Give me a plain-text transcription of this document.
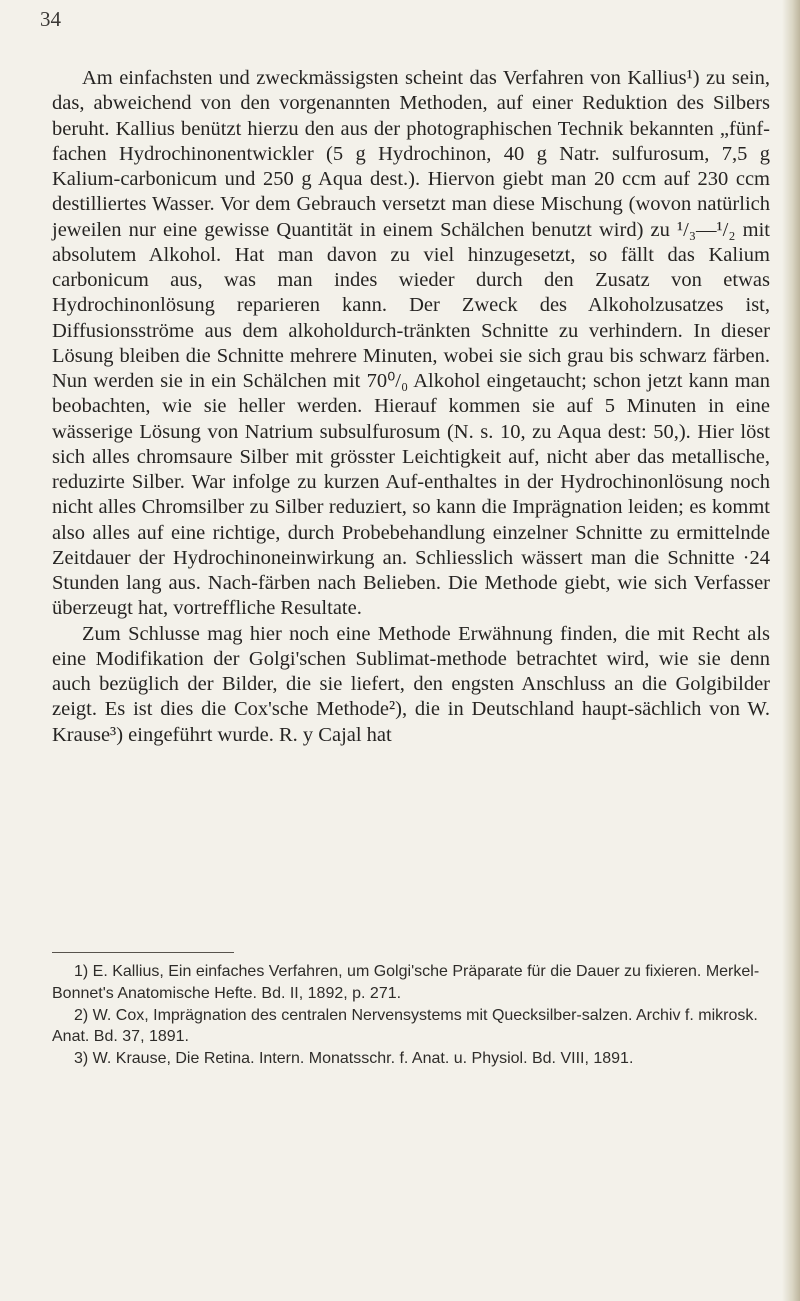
34

Am einfachsten und zweckmässigsten scheint das Verfahren von Kallius¹) zu sein, das, abweichend von den vorgenannten Methoden, auf einer Reduktion des Silbers beruht. Kallius benützt hierzu den aus der photographischen Technik bekannten „fünf-fachen Hydrochinonentwickler (5 g Hydrochinon, 40 g Natr. sulfurosum, 7,5 g Kalium-carbonicum und 250 g Aqua dest.). Hiervon giebt man 20 ccm auf 230 ccm destilliertes Wasser. Vor dem Gebrauch versetzt man diese Mischung (wovon natürlich jeweilen nur eine gewisse Quantität in einem Schälchen benutzt wird) zu ¹/₃—¹/₂ mit absolutem Alkohol. Hat man davon zu viel hinzugesetzt, so fällt das Kalium carbonicum aus, was man indes wieder durch den Zusatz von etwas Hydrochinonlösung reparieren kann. Der Zweck des Alkoholzusatzes ist, Diffusionsströme aus dem alkoholdurch-tränkten Schnitte zu verhindern. In dieser Lösung bleiben die Schnitte mehrere Minuten, wobei sie sich grau bis schwarz färben. Nun werden sie in ein Schälchen mit 70⁰/₀ Alkohol eingetaucht; schon jetzt kann man beobachten, wie sie heller werden. Hierauf kommen sie auf 5 Minuten in eine wässerige Lösung von Natrium subsulfurosum (N. s. 10, zu Aqua dest: 50,). Hier löst sich alles chromsaure Silber mit grösster Leichtigkeit auf, nicht aber das metallische, reduzirte Silber. War infolge zu kurzen Auf-enthaltes in der Hydrochinonlösung noch nicht alles Chromsilber zu Silber reduziert, so kann die Imprägnation leiden; es kommt also alles auf eine richtige, durch Probebehandlung einzelner Schnitte zu ermittelnde Zeitdauer der Hydrochinoneinwirkung an. Schliesslich wässert man die Schnitte ·24 Stunden lang aus. Nach-färben nach Belieben. Die Methode giebt, wie sich Verfasser überzeugt hat, vortreffliche Resultate.

Zum Schlusse mag hier noch eine Methode Erwähnung finden, die mit Recht als eine Modifikation der Golgi'schen Sublimat-methode betrachtet wird, wie sie denn auch bezüglich der Bilder, die sie liefert, den engsten Anschluss an die Golgibilder zeigt. Es ist dies die Cox'sche Methode²), die in Deutschland haupt-sächlich von W. Krause³) eingeführt wurde. R. y Cajal hat

1) E. Kallius, Ein einfaches Verfahren, um Golgi'sche Präparate für die Dauer zu fixieren. Merkel-Bonnet's Anatomische Hefte. Bd. II, 1892, p. 271.

2) W. Cox, Imprägnation des centralen Nervensystems mit Quecksilber-salzen. Archiv f. mikrosk. Anat. Bd. 37, 1891.

3) W. Krause, Die Retina. Intern. Monatsschr. f. Anat. u. Physiol. Bd. VIII, 1891.
